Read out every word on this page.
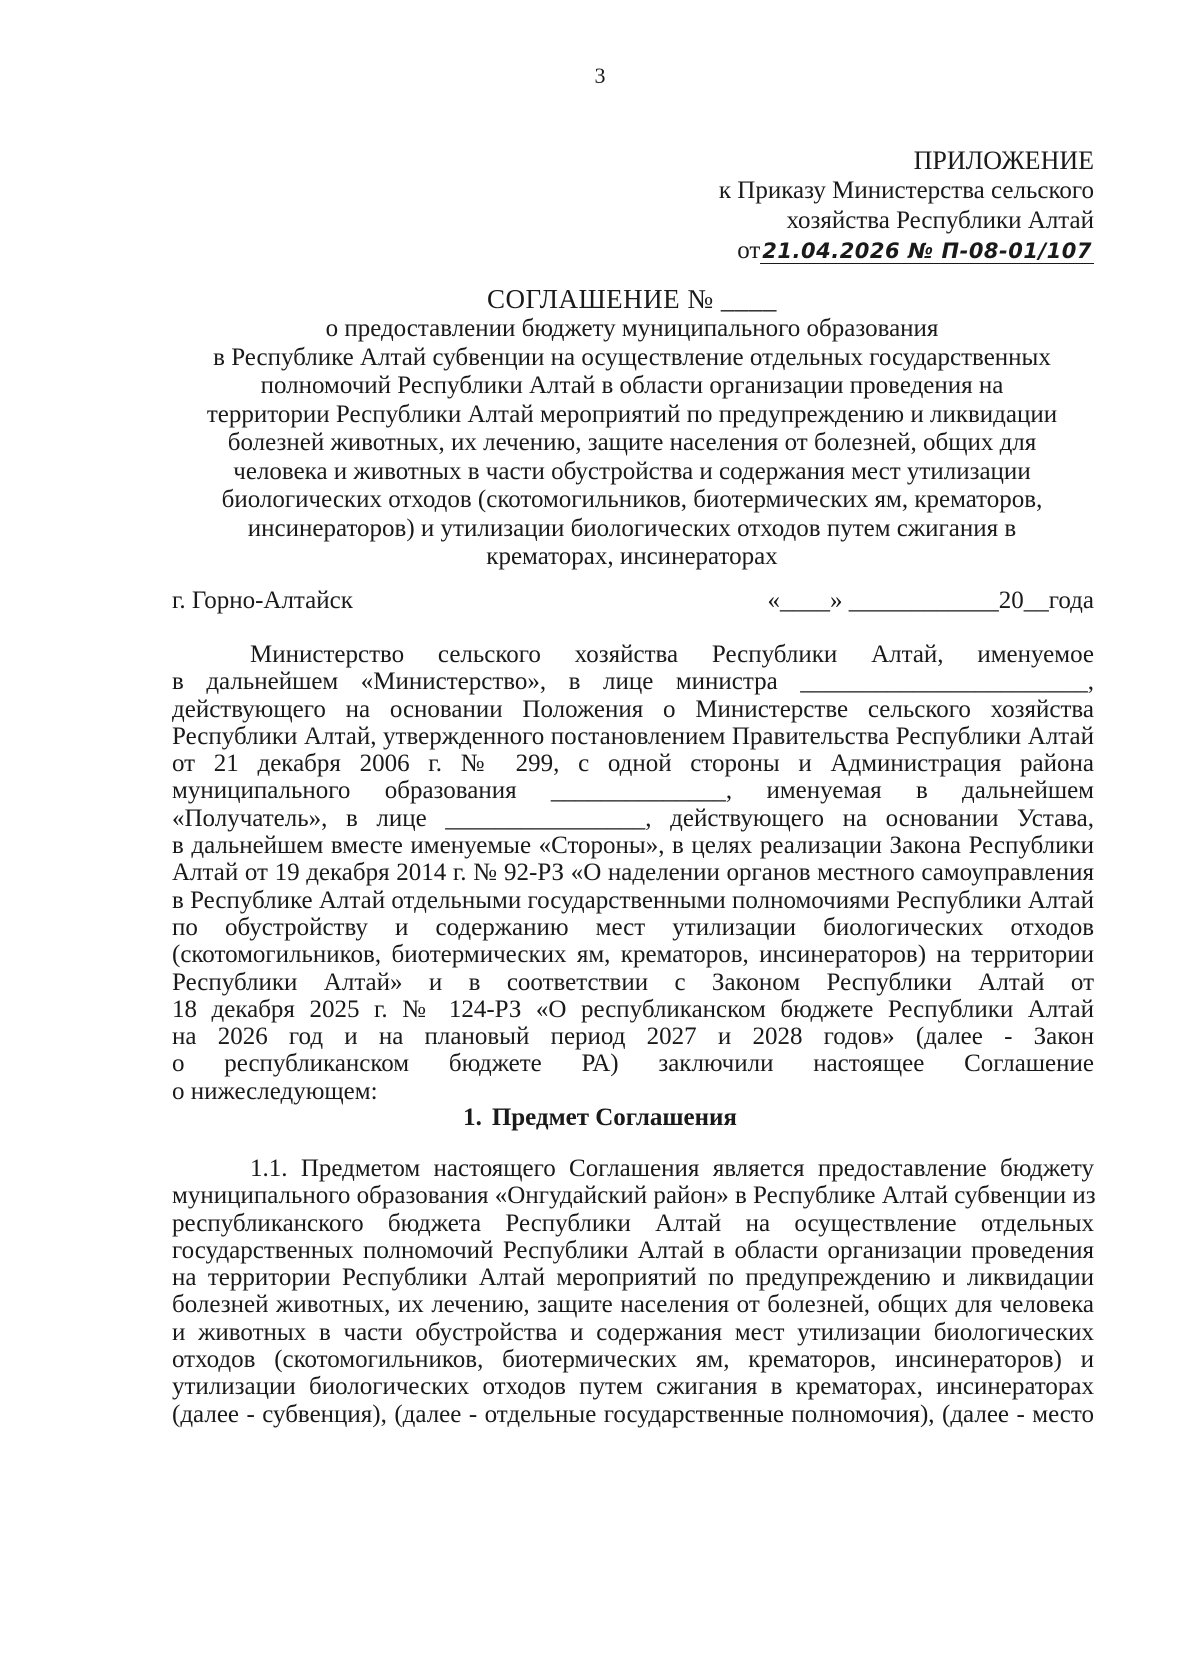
3
ПРИЛОЖЕНИЕ
к Приказу Министерства сельского
хозяйства Республики Алтай
от21.04.2026 № П-08-01/107
СОГЛАШЕНИЕ № ____
о предоставлении бюджету муниципального образования
в Республике Алтай субвенции на осуществление отдельных государственных
полномочий Республики Алтай в области организации проведения на
территории Республики Алтай мероприятий по предупреждению и ликвидации
болезней животных, их лечению, защите населения от болезней, общих для
человека и животных в части обустройства и содержания мест утилизации
биологических отходов (скотомогильников, биотермических ям, крематоров,
инсинераторов) и утилизации биологических отходов путем сжигания в
крематорах, инсинераторах
г. Горно-Алтайск	«____» ____________20__года
Министерство сельского хозяйства Республики Алтай, именуемое
в дальнейшем «Министерство», в лице министра _______________________,
действующего на основании Положения о Министерстве сельского хозяйства
Республики Алтай, утвержденного постановлением Правительства Республики Алтай
от 21 декабря 2006 г. № 299, с одной стороны и Администрация района
муниципального образования ______________, именуемая в дальнейшем
«Получатель», в лице ________________, действующего на основании Устава,
в дальнейшем вместе именуемые «Стороны», в целях реализации Закона Республики
Алтай от 19 декабря 2014 г. № 92-РЗ «О наделении органов местного самоуправления
в Республике Алтай отдельными государственными полномочиями Республики Алтай
по обустройству и содержанию мест утилизации биологических отходов
(скотомогильников, биотермических ям, крематоров, инсинераторов) на территории
Республики Алтай» и в соответствии с Законом Республики Алтай от
18 декабря 2025 г. № 124-РЗ «О республиканском бюджете Республики Алтай
на 2026 год и на плановый период 2027 и 2028 годов» (далее - Закон
о республиканском бюджете РА) заключили настоящее Соглашение
о нижеследующем:
1. Предмет Соглашения
1.1. Предметом настоящего Соглашения является предоставление бюджету
муниципального образования «Онгудайский район» в Республике Алтай субвенции из
республиканского бюджета Республики Алтай на осуществление отдельных
государственных полномочий Республики Алтай в области организации проведения
на территории Республики Алтай мероприятий по предупреждению и ликвидации
болезней животных, их лечению, защите населения от болезней, общих для человека
и животных в части обустройства и содержания мест утилизации биологических
отходов (скотомогильников, биотермических ям, крематоров, инсинераторов) и
утилизации биологических отходов путем сжигания в крематорах, инсинераторах
(далее - субвенция), (далее - отдельные государственные полномочия), (далее - место
